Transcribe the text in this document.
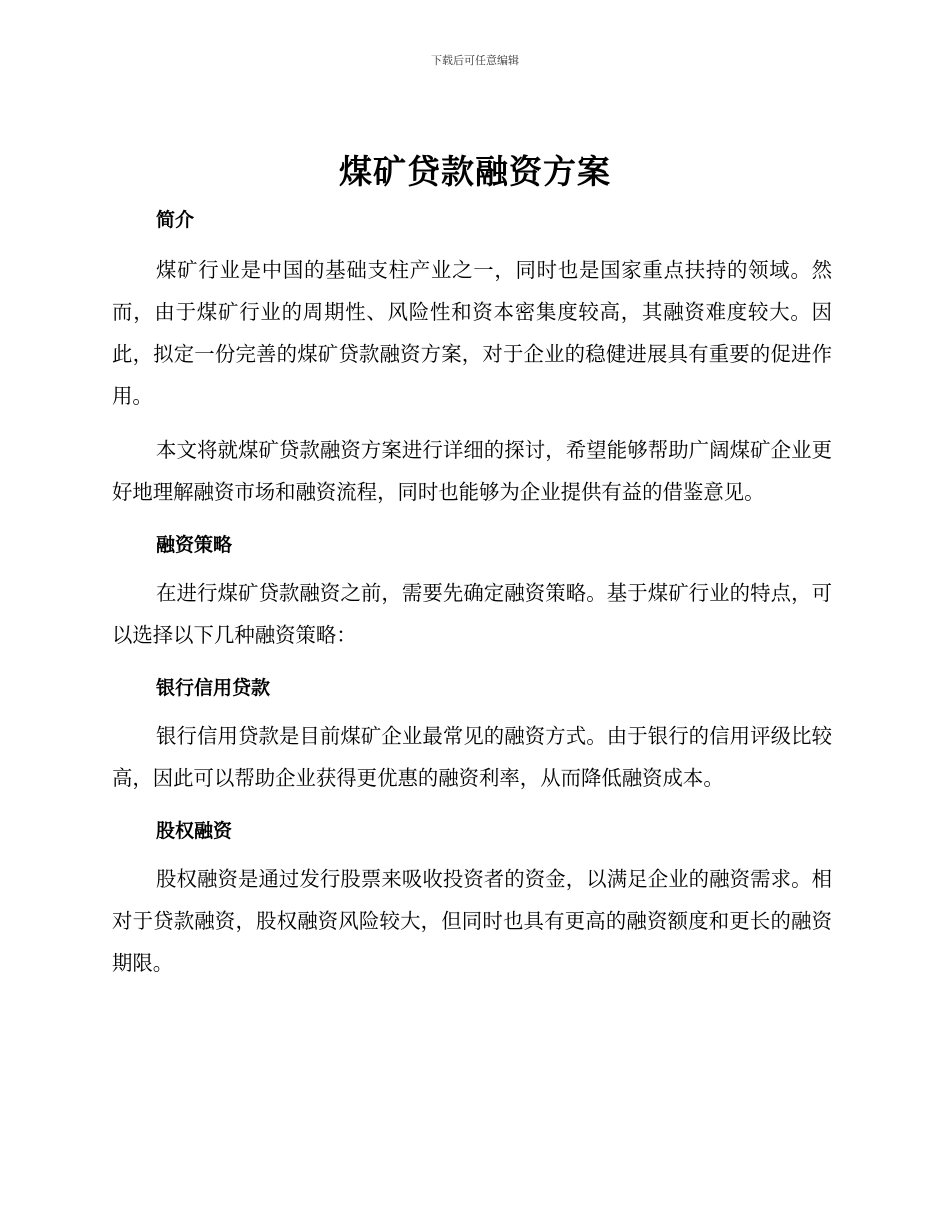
下载后可任意编辑
煤矿贷款融资方案
简介

煤矿行业是中国的基础支柱产业之一，同时也是国家重点扶持的领域。然而，由于煤矿行业的周期性、风险性和资本密集度较高，其融资难度较大。因此，拟定一份完善的煤矿贷款融资方案，对于企业的稳健进展具有重要的促进作用。

本文将就煤矿贷款融资方案进行详细的探讨，希望能够帮助广阔煤矿企业更好地理解融资市场和融资流程，同时也能够为企业提供有益的借鉴意见。

融资策略

在进行煤矿贷款融资之前，需要先确定融资策略。基于煤矿行业的特点，可以选择以下几种融资策略：

银行信用贷款

银行信用贷款是目前煤矿企业最常见的融资方式。由于银行的信用评级比较高，因此可以帮助企业获得更优惠的融资利率，从而降低融资成本。

股权融资

股权融资是通过发行股票来吸收投资者的资金，以满足企业的融资需求。相对于贷款融资，股权融资风险较大，但同时也具有更高的融资额度和更长的融资期限。
